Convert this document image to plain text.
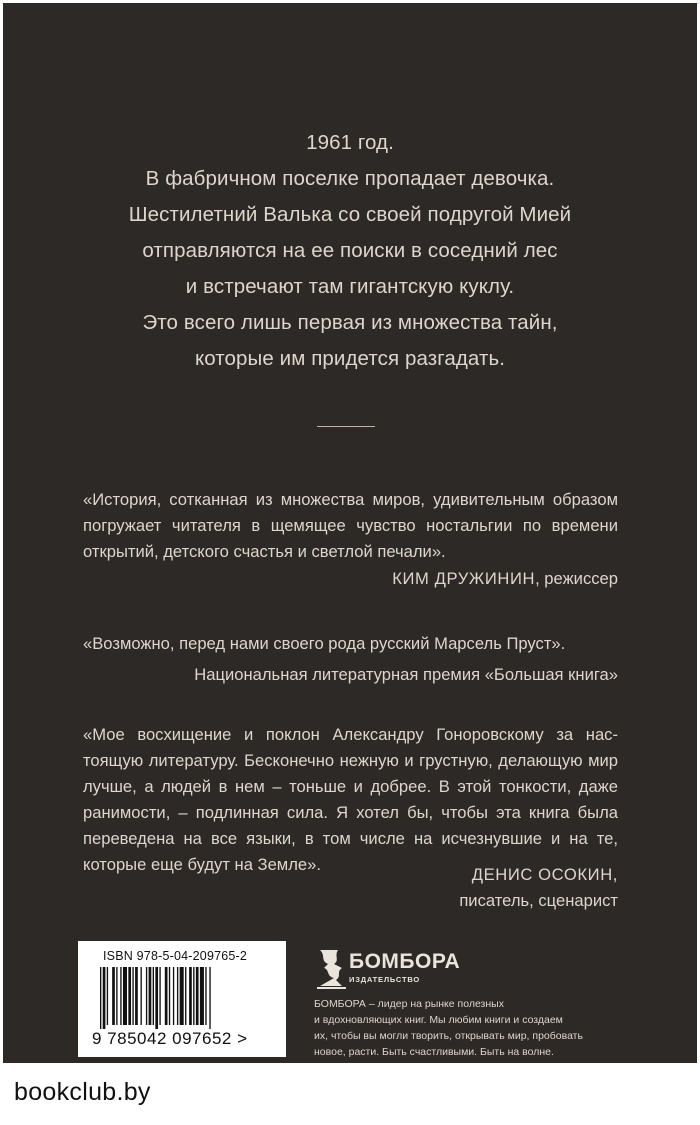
1961 год.
В фабричном поселке пропадает девочка.
Шестилетний Валька со своей подругой Мией
отправляются на ее поиски в соседний лес
и встречают там гигантскую куклу.
Это всего лишь первая из множества тайн,
которые им придется разгадать.
«История, сотканная из множества миров, удивительным образом
погружает читателя в щемящее чувство ностальгии по времени
открытий, детского счастья и светлой печали».
КИМ ДРУЖИНИН, режиссер
«Возможно, перед нами своего рода русский Марсель Пруст».
Национальная литературная премия «Большая книга»
«Мое восхищение и поклон Александру Гоноровскому за нас-
тоящую литературу. Бесконечно нежную и грустную, делающую мир
лучше, а людей в нем – тоньше и добрее. В этой тонкости, даже
ранимости, – подлинная сила. Я хотел бы, чтобы эта книга была
переведена на все языки, в том числе на исчезнувшие и на те,
которые еще будут на Земле».
ДЕНИС ОСОКИН,
писатель, сценарист
ISBN 978-5-04-209765-2
9 785042 097652 >
БОМБОРА
ИЗДАТЕЛЬСТВО
БОМБОРА – лидер на рынке полезных
и вдохновляющих книг. Мы любим книги и создаем
их, чтобы вы могли творить, открывать мир, пробовать
новое, расти. Быть счастливыми. Быть на волне.
bookclub.by
